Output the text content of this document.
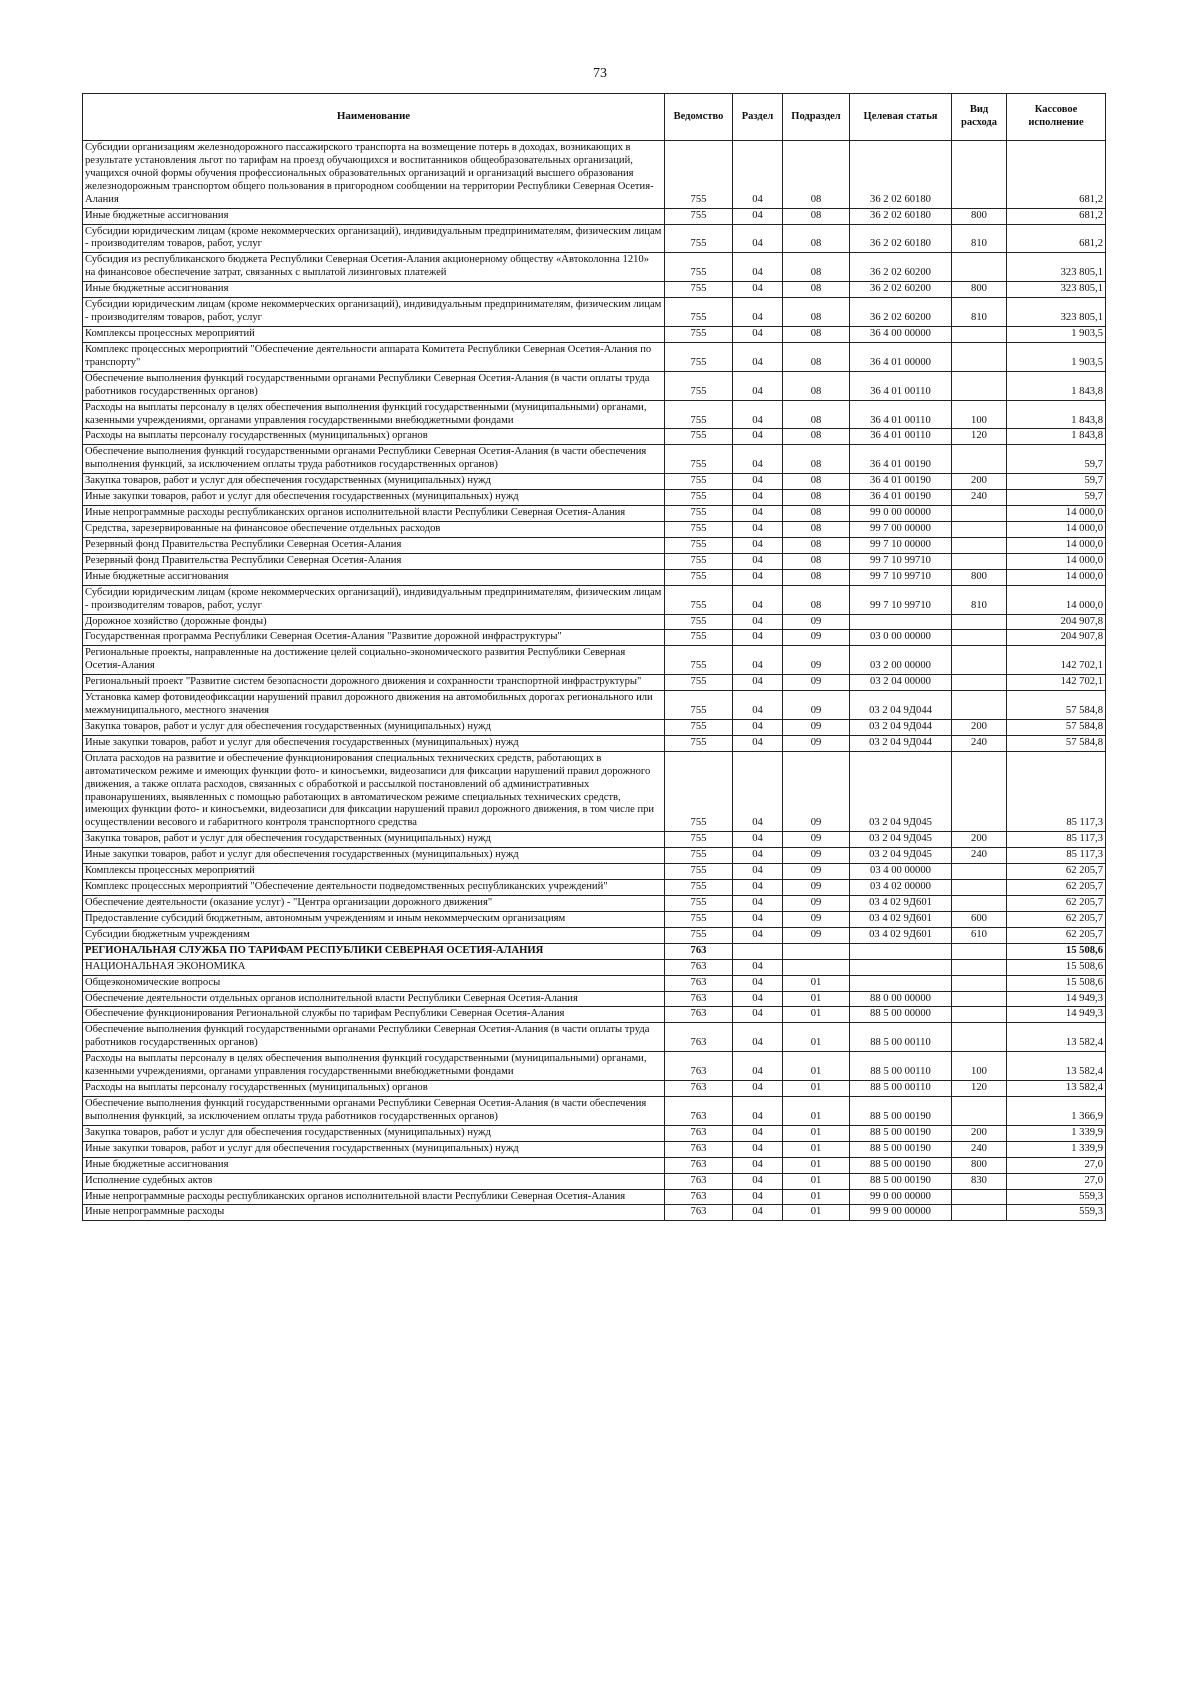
73
Наименование	Ведомство	Раздел	Подраздел	Целевая статья	Вид расхода	Кассовое исполнение
Субсидии организациям железнодорожного пассажирского транспорта на возмещение потерь в доходах, возникающих в результате установления льгот по тарифам на проезд обучающихся и воспитанников общеобразовательных организаций, учащихся очной формы обучения профессиональных образовательных организаций и организаций высшего образования железнодорожным транспортом общего пользования в пригородном сообщении на территории Республики Северная Осетия-Алания	755	04	08	36 2 02 60180		681,2
Иные бюджетные ассигнования	755	04	08	36 2 02 60180	800	681,2
Субсидии юридическим лицам (кроме некоммерческих организаций), индивидуальным предпринимателям, физическим лицам - производителям товаров, работ, услуг	755	04	08	36 2 02 60180	810	681,2
Субсидия из республиканского бюджета Республики Северная Осетия-Алания акционерному обществу «Автоколонна 1210» на финансовое обеспечение затрат, связанных с выплатой лизинговых платежей	755	04	08	36 2 02 60200		323 805,1
Иные бюджетные ассигнования	755	04	08	36 2 02 60200	800	323 805,1
Субсидии юридическим лицам (кроме некоммерческих организаций), индивидуальным предпринимателям, физическим лицам - производителям товаров, работ, услуг	755	04	08	36 2 02 60200	810	323 805,1
Комплексы процессных мероприятий	755	04	08	36 4 00 00000		1 903,5
Комплекс процессных мероприятий "Обеспечение деятельности аппарата Комитета Республики Северная Осетия-Алания по транспорту"	755	04	08	36 4 01 00000		1 903,5
Обеспечение выполнения функций государственными органами Республики Северная Осетия-Алания (в части оплаты труда работников государственных органов)	755	04	08	36 4 01 00110		1 843,8
Расходы на выплаты персоналу в целях обеспечения выполнения функций государственными (муниципальными) органами, казенными учреждениями, органами управления государственными внебюджетными фондами	755	04	08	36 4 01 00110	100	1 843,8
Расходы на выплаты персоналу государственных (муниципальных) органов	755	04	08	36 4 01 00110	120	1 843,8
Обеспечение выполнения функций государственными органами Республики Северная Осетия-Алания (в части обеспечения выполнения функций, за исключением оплаты труда работников государственных органов)	755	04	08	36 4 01 00190		59,7
Закупка товаров, работ и услуг для обеспечения государственных (муниципальных) нужд	755	04	08	36 4 01 00190	200	59,7
Иные закупки товаров, работ и услуг для обеспечения государственных (муниципальных) нужд	755	04	08	36 4 01 00190	240	59,7
Иные непрограммные расходы республиканских органов исполнительной власти Республики Северная Осетия-Алания	755	04	08	99 0 00 00000		14 000,0
Средства, зарезервированные на финансовое обеспечение отдельных расходов	755	04	08	99 7 00 00000		14 000,0
Резервный фонд Правительства Республики Северная Осетия-Алания	755	04	08	99 7 10 00000		14 000,0
Резервный фонд Правительства Республики Северная Осетия-Алания	755	04	08	99 7 10 99710		14 000,0
Иные бюджетные ассигнования	755	04	08	99 7 10 99710	800	14 000,0
Субсидии юридическим лицам (кроме некоммерческих организаций), индивидуальным предпринимателям, физическим лицам - производителям товаров, работ, услуг	755	04	08	99 7 10 99710	810	14 000,0
Дорожное хозяйство (дорожные фонды)	755	04	09			204 907,8
Государственная программа Республики Северная Осетия-Алания "Развитие дорожной инфраструктуры"	755	04	09	03 0 00 00000		204 907,8
Региональные проекты, направленные на достижение целей социально-экономического развития Республики Северная Осетия-Алания	755	04	09	03 2 00 00000		142 702,1
Региональный проект "Развитие систем безопасности дорожного движения и сохранности транспортной инфраструктуры"	755	04	09	03 2 04 00000		142 702,1
Установка камер фотовидеофиксации нарушений правил дорожного движения на автомобильных дорогах регионального или межмуниципального, местного значения	755	04	09	03 2 04 9Д044		57 584,8
Закупка товаров, работ и услуг для обеспечения государственных (муниципальных) нужд	755	04	09	03 2 04 9Д044	200	57 584,8
Иные закупки товаров, работ и услуг для обеспечения государственных (муниципальных) нужд	755	04	09	03 2 04 9Д044	240	57 584,8
Оплата расходов на развитие и обеспечение функционирования специальных технических средств, работающих в автоматическом режиме и имеющих функции фото- и киносъемки, видеозаписи для фиксации нарушений правил дорожного движения, а также оплата расходов, связанных с обработкой и рассылкой постановлений об административных правонарушениях, выявленных с помощью работающих в автоматическом режиме специальных технических средств, имеющих функции фото- и киносъемки, видеозаписи для фиксации нарушений правил дорожного движения, в том числе при осуществлении весового и габаритного контроля транспортного средства	755	04	09	03 2 04 9Д045		85 117,3
Закупка товаров, работ и услуг для обеспечения государственных (муниципальных) нужд	755	04	09	03 2 04 9Д045	200	85 117,3
Иные закупки товаров, работ и услуг для обеспечения государственных (муниципальных) нужд	755	04	09	03 2 04 9Д045	240	85 117,3
Комплексы процессных мероприятий	755	04	09	03 4 00 00000		62 205,7
Комплекс процессных мероприятий "Обеспечение деятельности подведомственных республиканских учреждений"	755	04	09	03 4 02 00000		62 205,7
Обеспечение деятельности (оказание услуг) - "Центра организации дорожного движения"	755	04	09	03 4 02 9Д601		62 205,7
Предоставление субсидий бюджетным, автономным учреждениям и иным некоммерческим организациям	755	04	09	03 4 02 9Д601	600	62 205,7
Субсидии бюджетным учреждениям	755	04	09	03 4 02 9Д601	610	62 205,7
РЕГИОНАЛЬНАЯ СЛУЖБА ПО ТАРИФАМ РЕСПУБЛИКИ СЕВЕРНАЯ ОСЕТИЯ-АЛАНИЯ	763					15 508,6
НАЦИОНАЛЬНАЯ ЭКОНОМИКА	763	04				15 508,6
Общеэкономические вопросы	763	04	01			15 508,6
Обеспечение деятельности отдельных органов исполнительной власти Республики Северная Осетия-Алания	763	04	01	88 0 00 00000		14 949,3
Обеспечение функционирования Региональной службы по тарифам Республики Северная Осетия-Алания	763	04	01	88 5 00 00000		14 949,3
Обеспечение выполнения функций государственными органами Республики Северная Осетия-Алания (в части оплаты труда работников государственных органов)	763	04	01	88 5 00 00110		13 582,4
Расходы на выплаты персоналу в целях обеспечения выполнения функций государственными (муниципальными) органами, казенными учреждениями, органами управления государственными внебюджетными фондами	763	04	01	88 5 00 00110	100	13 582,4
Расходы на выплаты персоналу государственных (муниципальных) органов	763	04	01	88 5 00 00110	120	13 582,4
Обеспечение выполнения функций государственными органами Республики Северная Осетия-Алания (в части обеспечения выполнения функций, за исключением оплаты труда работников государственных органов)	763	04	01	88 5 00 00190		1 366,9
Закупка товаров, работ и услуг для обеспечения государственных (муниципальных) нужд	763	04	01	88 5 00 00190	200	1 339,9
Иные закупки товаров, работ и услуг для обеспечения государственных (муниципальных) нужд	763	04	01	88 5 00 00190	240	1 339,9
Иные бюджетные ассигнования	763	04	01	88 5 00 00190	800	27,0
Исполнение судебных актов	763	04	01	88 5 00 00190	830	27,0
Иные непрограммные расходы республиканских органов исполнительной власти Республики Северная Осетия-Алания	763	04	01	99 0 00 00000		559,3
Иные непрограммные расходы	763	04	01	99 9 00 00000		559,3
